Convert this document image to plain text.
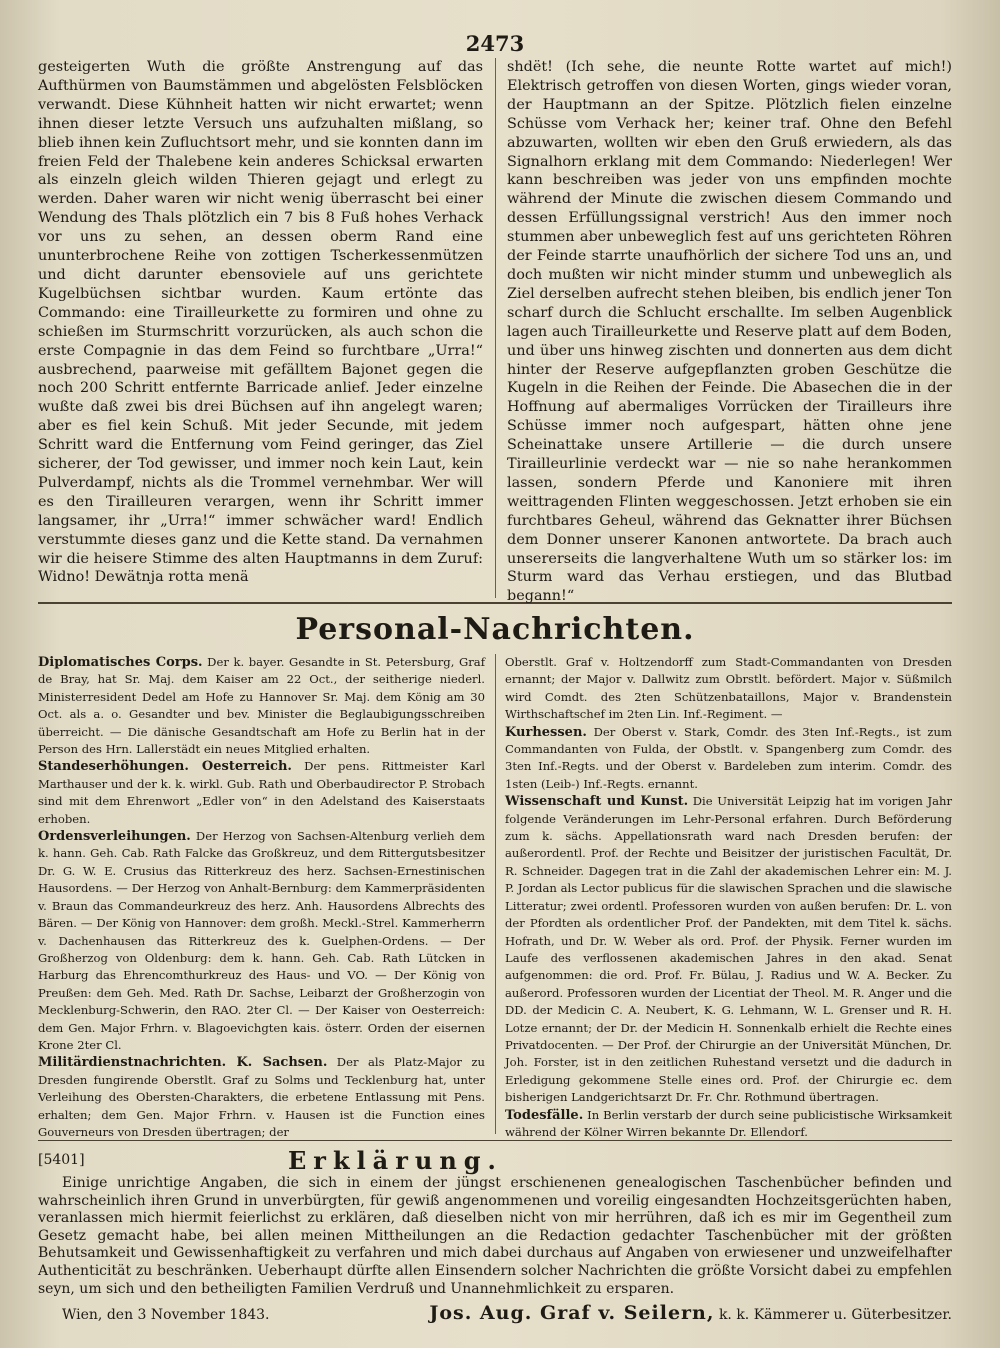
2473

gesteigerten Wuth die größte Anstrengung auf das Aufthürmen von Baumstämmen und abgelösten Felsblöcken verwandt. Diese Kühnheit hatten wir nicht erwartet; wenn ihnen dieser letzte Versuch uns aufzuhalten mißlang, so blieb ihnen kein Zufluchtsort mehr, und sie konnten dann im freien Feld der Thalebene kein anderes Schicksal erwarten als einzeln gleich wilden Thieren gejagt und erlegt zu werden. Daher waren wir nicht wenig überrascht bei einer Wendung des Thals plötzlich ein 7 bis 8 Fuß hohes Verhack vor uns zu sehen, an dessen oberm Rand eine ununterbrochene Reihe von zottigen Tscherkessenmützen und dicht darunter ebensoviele auf uns gerichtete Kugelbüchsen sichtbar wurden. Kaum ertönte das Commando: eine Tirailleurkette zu formiren und ohne zu schießen im Sturmschritt vorzurücken, als auch schon die erste Compagnie in das dem Feind so furchtbare „Urra!“ ausbrechend, paarweise mit gefälltem Bajonet gegen die noch 200 Schritt entfernte Barricade anlief. Jeder einzelne wußte daß zwei bis drei Büchsen auf ihn angelegt waren; aber es fiel kein Schuß. Mit jeder Secunde, mit jedem Schritt ward die Entfernung vom Feind geringer, das Ziel sicherer, der Tod gewisser, und immer noch kein Laut, kein Pulverdampf, nichts als die Trommel vernehmbar. Wer will es den Tirailleuren verargen, wenn ihr Schritt immer langsamer, ihr „Urra!“ immer schwächer ward! Endlich verstummte dieses ganz und die Kette stand. Da vernahmen wir die heisere Stimme des alten Hauptmanns in dem Zuruf: Widno! Dewätnja rotta menä

shdët! (Ich sehe, die neunte Rotte wartet auf mich!) Elektrisch getroffen von diesen Worten, gings wieder voran, der Hauptmann an der Spitze. Plötzlich fielen einzelne Schüsse vom Verhack her; keiner traf. Ohne den Befehl abzuwarten, wollten wir eben den Gruß erwiedern, als das Signalhorn erklang mit dem Commando: Niederlegen! Wer kann beschreiben was jeder von uns empfinden mochte während der Minute die zwischen diesem Commando und dessen Erfüllungssignal verstrich! Aus den immer noch stummen aber unbeweglich fest auf uns gerichteten Röhren der Feinde starrte unaufhörlich der sichere Tod uns an, und doch mußten wir nicht minder stumm und unbeweglich als Ziel derselben aufrecht stehen bleiben, bis endlich jener Ton scharf durch die Schlucht erschallte. Im selben Augenblick lagen auch Tirailleurkette und Reserve platt auf dem Boden, und über uns hinweg zischten und donnerten aus dem dicht hinter der Reserve aufgepflanzten groben Geschütze die Kugeln in die Reihen der Feinde. Die Abasechen die in der Hoffnung auf abermaliges Vorrücken der Tirailleurs ihre Schüsse immer noch aufgespart, hätten ohne jene Scheinattake unsere Artillerie — die durch unsere Tirailleurlinie verdeckt war — nie so nahe herankommen lassen, sondern Pferde und Kanoniere mit ihren weittragenden Flinten weggeschossen. Jetzt erhoben sie ein furchtbares Geheul, während das Geknatter ihrer Büchsen dem Donner unserer Kanonen antwortete. Da brach auch unsererseits die langverhaltene Wuth um so stärker los: im Sturm ward das Verhau erstiegen, und das Blutbad begann!“

Personal-Nachrichten.

Diplomatisches Corps. Der k. bayer. Gesandte in St. Petersburg, Graf de Bray, hat Sr. Maj. dem Kaiser am 22 Oct., der seitherige niederl. Ministerresident Dedel am Hofe zu Hannover Sr. Maj. dem König am 30 Oct. als a. o. Gesandter und bev. Minister die Beglaubigungsschreiben überreicht. — Die dänische Gesandtschaft am Hofe zu Berlin hat in der Person des Hrn. Lallerstädt ein neues Mitglied erhalten.

Standeserhöhungen. Oesterreich. Der pens. Rittmeister Karl Marthauser und der k. k. wirkl. Gub. Rath und Oberbaudirector P. Strobach sind mit dem Ehrenwort „Edler von“ in den Adelstand des Kaiserstaats erhoben.

Ordensverleihungen. Der Herzog von Sachsen-Altenburg verlieh dem k. hann. Geh. Cab. Rath Falcke das Großkreuz, und dem Rittergutsbesitzer Dr. G. W. E. Crusius das Ritterkreuz des herz. Sachsen-Ernestinischen Hausordens. — Der Herzog von Anhalt-Bernburg: dem Kammerpräsidenten v. Braun das Commandeurkreuz des herz. Anh. Hausordens Albrechts des Bären. — Der König von Hannover: dem großh. Meckl.-Strel. Kammerherrn v. Dachenhausen das Ritterkreuz des k. Guelphen-Ordens. — Der Großherzog von Oldenburg: dem k. hann. Geh. Cab. Rath Lütcken in Harburg das Ehrencomthurkreuz des Haus- und VO. — Der König von Preußen: dem Geh. Med. Rath Dr. Sachse, Leibarzt der Großherzogin von Mecklenburg-Schwerin, den RAO. 2ter Cl. — Der Kaiser von Oesterreich: dem Gen. Major Frhrn. v. Blagoevichgten kais. österr. Orden der eisernen Krone 2ter Cl.

Militärdienstnachrichten. K. Sachsen. Der als Platz-Major zu Dresden fungirende Oberstlt. Graf zu Solms und Tecklenburg hat, unter Verleihung des Obersten-Charakters, die erbetene Entlassung mit Pens. erhalten; dem Gen. Major Frhrn. v. Hausen ist die Function eines Gouverneurs von Dresden übertragen; der

Oberstlt. Graf v. Holtzendorff zum Stadt-Commandanten von Dresden ernannt; der Major v. Dallwitz zum Obrstlt. befördert. Major v. Süßmilch wird Comdt. des 2ten Schützenbataillons, Major v. Brandenstein Wirthschaftschef im 2ten Lin. Inf.-Regiment. —

Kurhessen. Der Oberst v. Stark, Comdr. des 3ten Inf.-Regts., ist zum Commandanten von Fulda, der Obstlt. v. Spangenberg zum Comdr. des 3ten Inf.-Regts. und der Oberst v. Bardeleben zum interim. Comdr. des 1sten (Leib-) Inf.-Regts. ernannt.

Wissenschaft und Kunst. Die Universität Leipzig hat im vorigen Jahr folgende Veränderungen im Lehr-Personal erfahren. Durch Beförderung zum k. sächs. Appellationsrath ward nach Dresden berufen: der außerordentl. Prof. der Rechte und Beisitzer der juristischen Facultät, Dr. R. Schneider. Dagegen trat in die Zahl der akademischen Lehrer ein: M. J. P. Jordan als Lector publicus für die slawischen Sprachen und die slawische Litteratur; zwei ordentl. Professoren wurden von außen berufen: Dr. L. von der Pfordten als ordentlicher Prof. der Pandekten, mit dem Titel k. sächs. Hofrath, und Dr. W. Weber als ord. Prof. der Physik. Ferner wurden im Laufe des verflossenen akademischen Jahres in den akad. Senat aufgenommen: die ord. Prof. Fr. Bülau, J. Radius und W. A. Becker. Zu außerord. Professoren wurden der Licentiat der Theol. M. R. Anger und die DD. der Medicin C. A. Neubert, K. G. Lehmann, W. L. Grenser und R. H. Lotze ernannt; der Dr. der Medicin H. Sonnenkalb erhielt die Rechte eines Privatdocenten. — Der Prof. der Chirurgie an der Universität München, Dr. Joh. Forster, ist in den zeitlichen Ruhestand versetzt und die dadurch in Erledigung gekommene Stelle eines ord. Prof. der Chirurgie ec. dem bisherigen Landgerichtsarzt Dr. Fr. Chr. Rothmund übertragen.

Todesfälle. In Berlin verstarb der durch seine publicistische Wirksamkeit während der Kölner Wirren bekannte Dr. Ellendorf.

[5401]	Erklärung.
Einige unrichtige Angaben, die sich in einem der jüngst erschienenen genealogischen Taschenbücher befinden und wahrscheinlich ihren Grund in unverbürgten, für gewiß angenommenen und voreilig eingesandten Hochzeitsgerüchten haben, veranlassen mich hiermit feierlichst zu erklären, daß dieselben nicht von mir herrühren, daß ich es mir im Gegentheil zum Gesetz gemacht habe, bei allen meinen Mittheilungen an die Redaction gedachter Taschenbücher mit der größten Behutsamkeit und Gewissenhaftigkeit zu verfahren und mich dabei durchaus auf Angaben von erwiesener und unzweifelhafter Authenticität zu beschränken. Ueberhaupt dürfte allen Einsendern solcher Nachrichten die größte Vorsicht dabei zu empfehlen seyn, um sich und den betheiligten Familien Verdruß und Unannehmlichkeit zu ersparen.
Wien, den 3 November 1843.	Jos. Aug. Graf v. Seilern, k. k. Kämmerer u. Güterbesitzer.
